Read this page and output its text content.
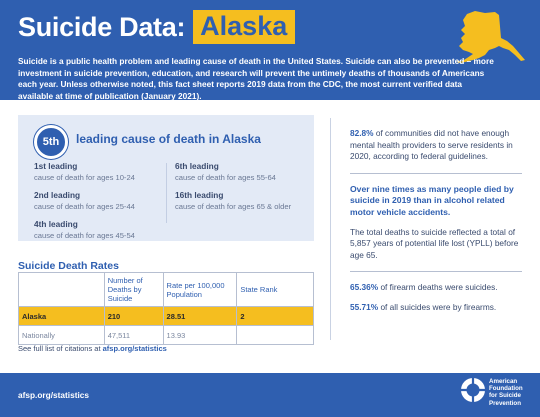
Suicide Data: Alaska
Suicide is a public health problem and leading cause of death in the United States. Suicide can also be prevented – more investment in suicide prevention, education, and research will prevent the untimely deaths of thousands of Americans each year. Unless otherwise noted, this fact sheet reports 2019 data from the CDC, the most current verified data available at time of publication (January 2021).
5th	leading cause of death in Alaska
1st leading
cause of death for ages 10-24
2nd leading
cause of death for ages 25-44
4th leading
cause of death for ages 45-54
6th leading
cause of death for ages 55-64
16th leading
cause of death for ages 65 & older
Suicide Death Rates
	Number of Deaths by Suicide	Rate per 100,000 Population	State Rank
Alaska	210	28.51	2
Nationally	47,511	13.93	
See full list of citations at afsp.org/statistics
82.8% of communities did not have enough mental health providers to serve residents in 2020, according to federal guidelines.
Over nine times as many people died by suicide in 2019 than in alcohol related motor vehicle accidents.
The total deaths to suicide reflected a total of 5,857 years of potential life lost (YPLL) before age 65.
65.36% of firearm deaths were suicides.
55.71% of all suicides were by firearms.
afsp.org/statistics
American
Foundation
for Suicide
Prevention
